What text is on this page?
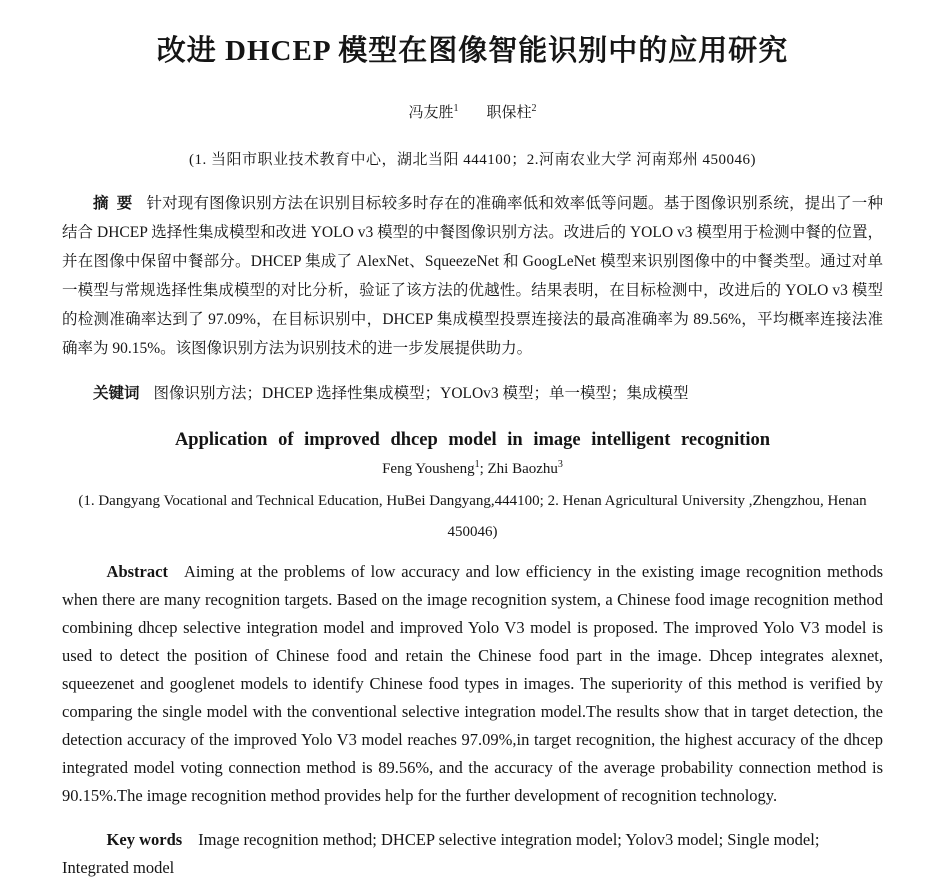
改进 DHCEP 模型在图像智能识别中的应用研究
冯友胜$^1$ 职保柱$^2$
(1. 当阳市职业技术教育中心，湖北当阳 444100；2.河南农业大学 河南郑州 450046)

摘  要 针对现有图像识别方法在识别目标较多时存在的准确率低和效率低等问题。基于图像识别系统，提出了一种结合 DHCEP 选择性集成模型和改进 YOLO v3 模型的中餐图像识别方法。改进后的 YOLO v3 模型用于检测中餐的位置，并在图像中保留中餐部分。DHCEP 集成了 AlexNet、SqueezeNet 和 GoogLeNet 模型来识别图像中的中餐类型。通过对单一模型与常规选择性集成模型的对比分析，验证了该方法的优越性。结果表明，在目标检测中，改进后的 YOLO v3 模型的检测准确率达到了 97.09%，在目标识别中，DHCEP 集成模型投票连接法的最高准确率为 89.56%，平均概率连接法准确率为 90.15%。该图像识别方法为识别技术的进一步发展提供助力。

关键词 图像识别方法；DHCEP 选择性集成模型；YOLOv3 模型；单一模型；集成模型

Application of improved dhcep model in image intelligent recognition
Feng Yousheng$^1$; Zhi Baozhu$^3$
(1. Dangyang Vocational and Technical Education, HuBei Dangyang,444100; 2. Henan Agricultural University ,Zhengzhou, Henan 450046)

Abstract Aiming at the problems of low accuracy and low efficiency in the existing image recognition methods when there are many recognition targets. Based on the image recognition system, a Chinese food image recognition method combining dhcep selective integration model and improved Yolo V3 model is proposed. The improved Yolo V3 model is used to detect the position of Chinese food and retain the Chinese food part in the image. Dhcep integrates alexnet, squeezenet and googlenet models to identify Chinese food types in images. The superiority of this method is verified by comparing the single model with the conventional selective integration model.The results show that in target detection, the detection accuracy of the improved Yolo V3 model reaches 97.09%,in target recognition, the highest accuracy of the dhcep integrated model voting connection method is 89.56%, and the accuracy of the average probability connection method is 90.15%.The image recognition method provides help for the further development of recognition technology.

Key words Image recognition method; DHCEP selective integration model; Yolov3 model; Single model; Integrated model
